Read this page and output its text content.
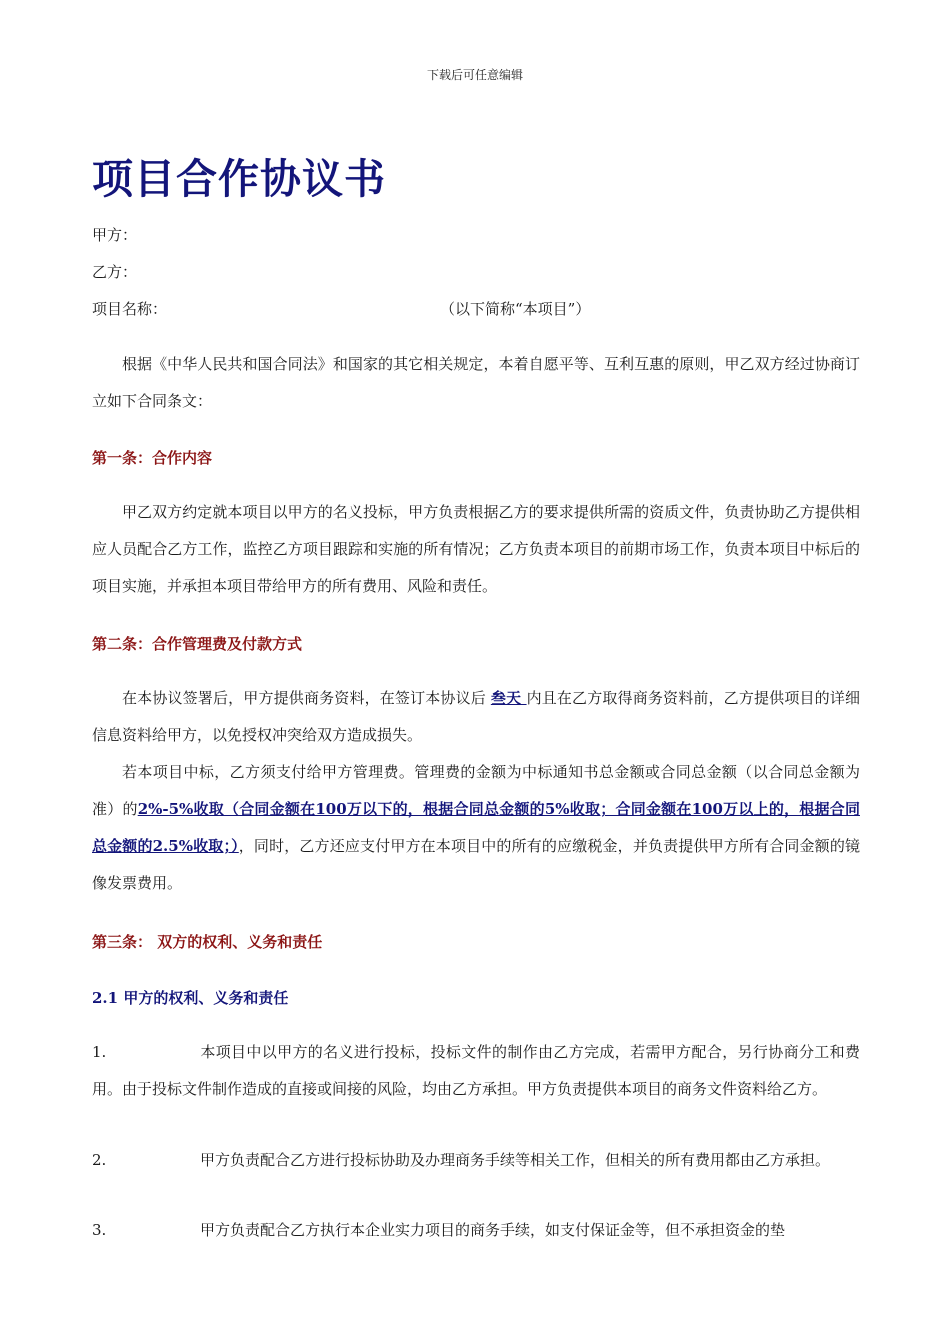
下载后可任意编辑
项目合作协议书
甲方：
乙方：
项目名称：	（以下简称“本项目”）
根据《中华人民共和国合同法》和国家的其它相关规定，本着自愿平等、互利互惠的原则，甲乙双方经过协商订立如下合同条文：
第一条：合作内容
甲乙双方约定就本项目以甲方的名义投标，甲方负责根据乙方的要求提供所需的资质文件，负责协助乙方提供相应人员配合乙方工作，监控乙方项目跟踪和实施的所有情况；乙方负责本项目的前期市场工作，负责本项目中标后的项目实施，并承担本项目带给甲方的所有费用、风险和责任。
第二条：合作管理费及付款方式
在本协议签署后，甲方提供商务资料，在签订本协议后 叁天 内且在乙方取得商务资料前，乙方提供项目的详细信息资料给甲方，以免授权冲突给双方造成损失。
若本项目中标，乙方须支付给甲方管理费。管理费的金额为中标通知书总金额或合同总金额（以合同总金额为准）的2%-5%收取（合同金额在100万以下的，根据合同总金额的5%收取；合同金额在100万以上的，根据合同总金额的2.5%收取；），同时，乙方还应支付甲方在本项目中的所有的应缴税金，并负责提供甲方所有合同金额的镜像发票费用。
第三条： 双方的权利、义务和责任
2.1 甲方的权利、义务和责任
1.	本项目中以甲方的名义进行投标，投标文件的制作由乙方完成，若需甲方配合，另行协商分工和费用。由于投标文件制作造成的直接或间接的风险，均由乙方承担。甲方负责提供本项目的商务文件资料给乙方。
2.	甲方负责配合乙方进行投标协助及办理商务手续等相关工作，但相关的所有费用都由乙方承担。
3.	甲方负责配合乙方执行本企业实力项目的商务手续，如支付保证金等，但不承担资金的垫
